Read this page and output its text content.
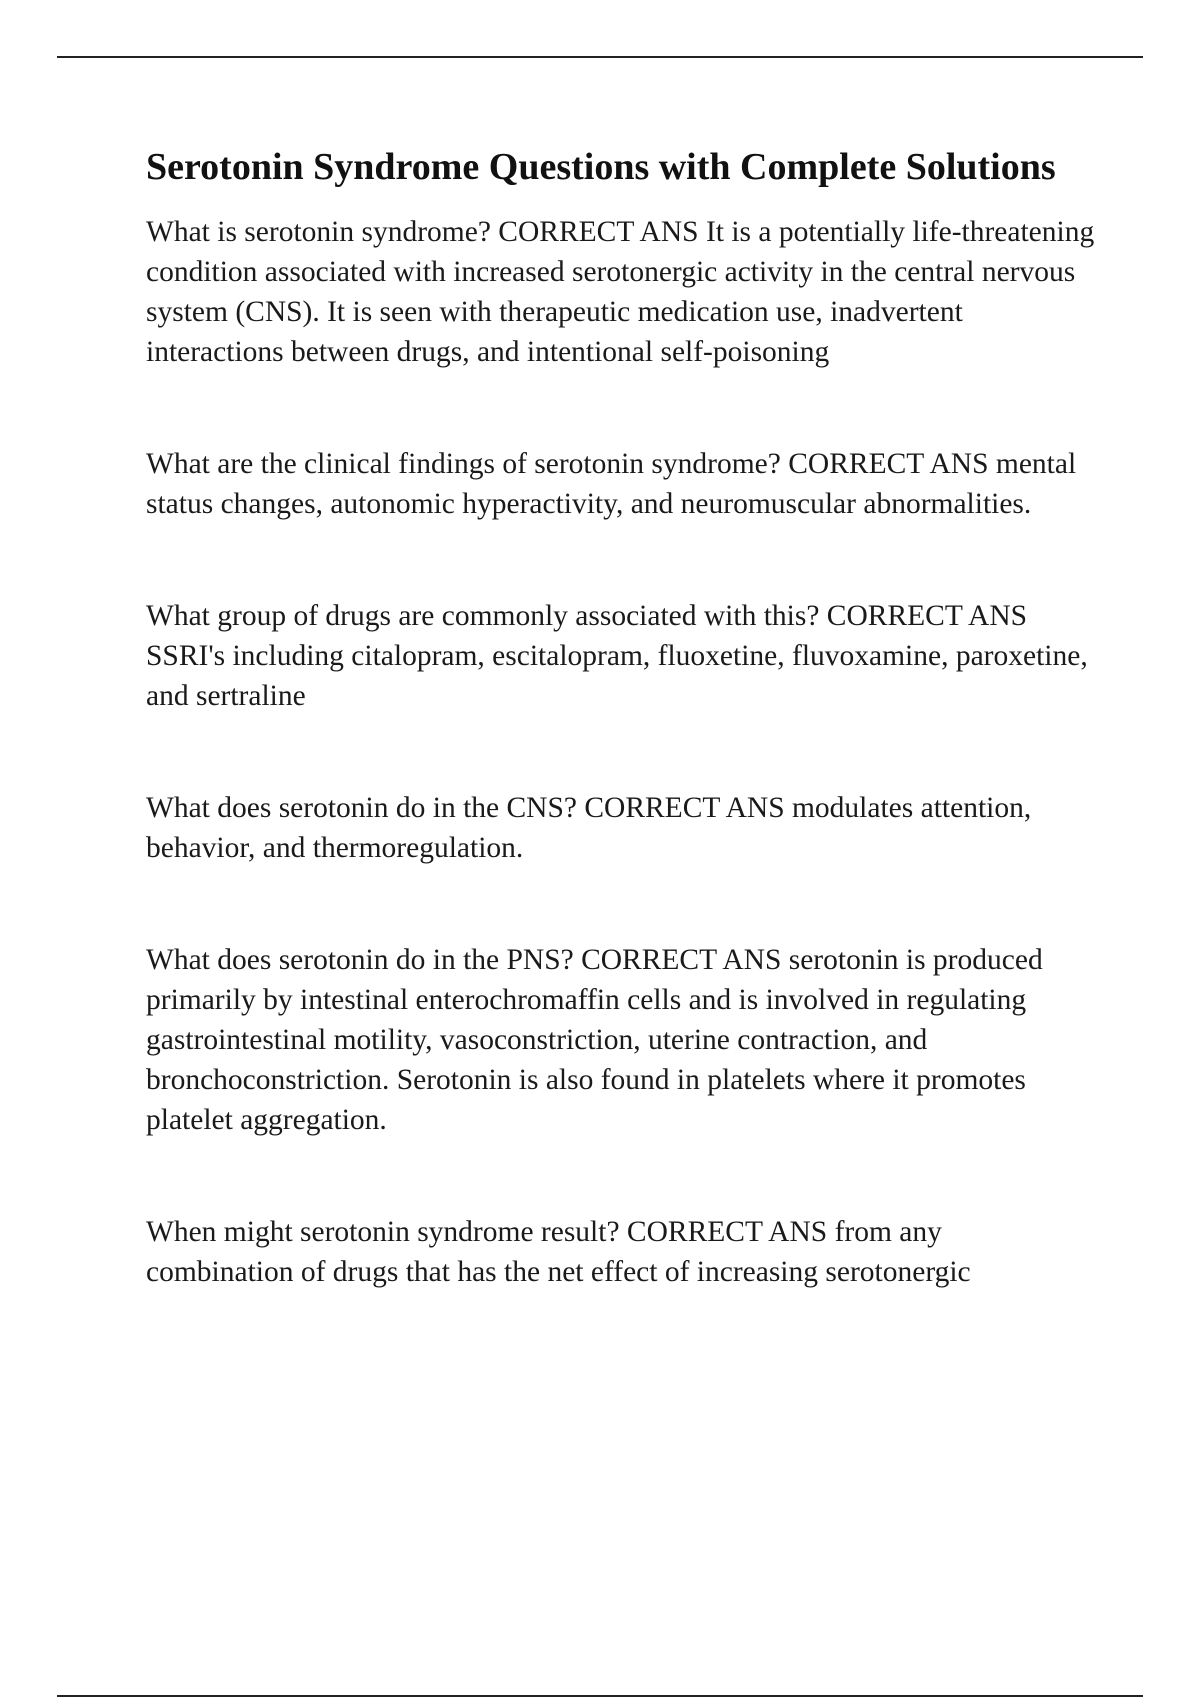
Serotonin Syndrome Questions with Complete Solutions

What is serotonin syndrome? CORRECT ANS It is a potentially life-threatening condition associated with increased serotonergic activity in the central nervous system (CNS). It is seen with therapeutic medication use, inadvertent interactions between drugs, and intentional self-poisoning

What are the clinical findings of serotonin syndrome? CORRECT ANS mental status changes, autonomic hyperactivity, and neuromuscular abnormalities.

What group of drugs are commonly associated with this? CORRECT ANS SSRI's including citalopram, escitalopram, fluoxetine, fluvoxamine, paroxetine, and sertraline

What does serotonin do in the CNS? CORRECT ANS modulates attention, behavior, and thermoregulation.

What does serotonin do in the PNS? CORRECT ANS serotonin is produced primarily by intestinal enterochromaffin cells and is involved in regulating gastrointestinal motility, vasoconstriction, uterine contraction, and bronchoconstriction. Serotonin is also found in platelets where it promotes platelet aggregation.

When might serotonin syndrome result? CORRECT ANS from any combination of drugs that has the net effect of increasing serotonergic
